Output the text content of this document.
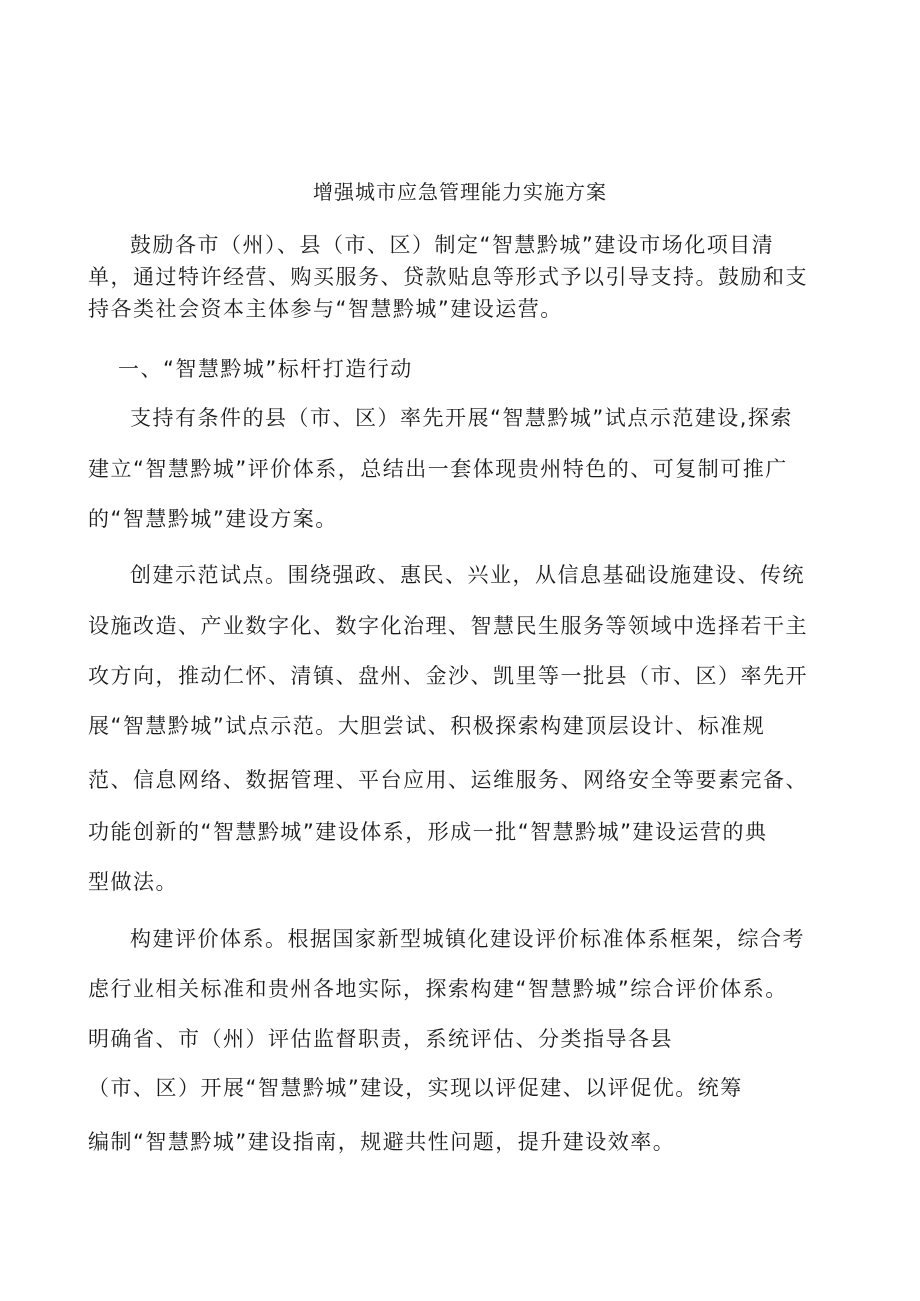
增强城市应急管理能力实施方案

鼓励各市（州）、县（市、区）制定“智慧黔城”建设市场化项目清

单，通过特许经营、购买服务、贷款贴息等形式予以引导支持。鼓励和支

持各类社会资本主体参与“智慧黔城”建设运营。

一、“智慧黔城”标杆打造行动

支持有条件的县（市、区）率先开展“智慧黔城”试点示范建设,探索

建立“智慧黔城”评价体系，总结出一套体现贵州特色的、可复制可推广

的“智慧黔城”建设方案。

创建示范试点。围绕强政、惠民、兴业，从信息基础设施建设、传统

设施改造、产业数字化、数字化治理、智慧民生服务等领域中选择若干主

攻方向，推动仁怀、清镇、盘州、金沙、凯里等一批县（市、区）率先开

展“智慧黔城”试点示范。大胆尝试、积极探索构建顶层设计、标准规

范、信息网络、数据管理、平台应用、运维服务、网络安全等要素完备、

功能创新的“智慧黔城”建设体系，形成一批“智慧黔城”建设运营的典

型做法。

构建评价体系。根据国家新型城镇化建设评价标准体系框架，综合考

虑行业相关标准和贵州各地实际，探索构建“智慧黔城”综合评价体系。

明确省、市（州）评估监督职责，系统评估、分类指导各县

（市、区）开展“智慧黔城”建设，实现以评促建、以评促优。统筹

编制“智慧黔城”建设指南，规避共性问题，提升建设效率。
